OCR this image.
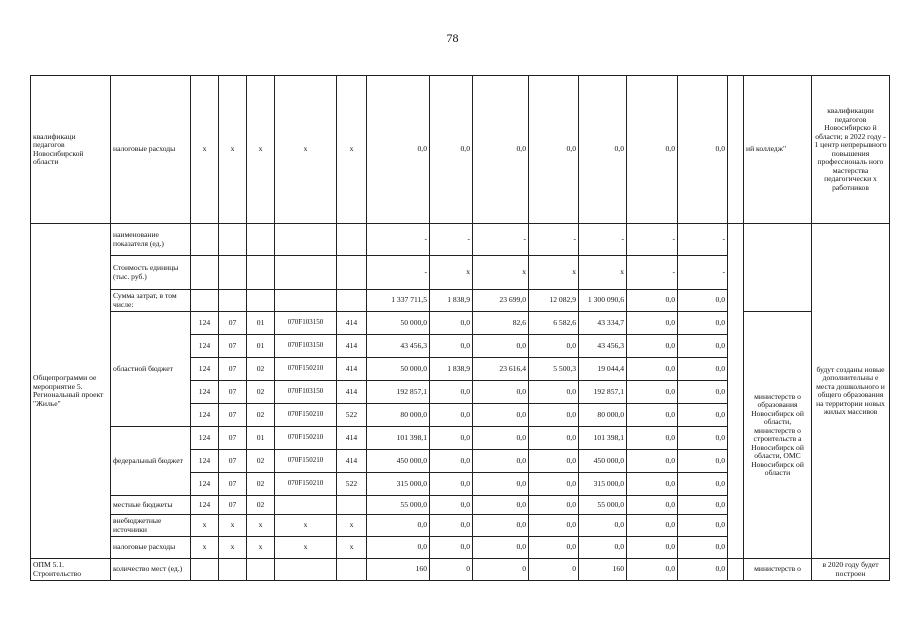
78
квалификаци педагогов Новосибирской области	налоговые расходы	х	х	х	х	х	0,0	0,0	0,0	0,0	0,0	0,0	0,0		ий колледж"	квалификации педагогов Новосибирско й области; в 2022 году - 1 центр непрерывного повышения профессиональ ного мастерства педагогически х работников
Общепрограмми ое мероприятие 5. Региональный проект "Жилье"	наименование показателя (ед.)						-	-	-	-	-	-	-			будут созданы новые дополнительны е места дошкольного и общего образования на территории новых жилых массивов
	Стоимость единицы (тыс. руб.)						-	х	х	х	х	-	-			
	Сумма затрат, в том числе:						1 337 711,5	1 838,9	23 699,0	12 082,9	1 300 090,6	0,0	0,0			
	областной бюджет	124	07	01	070F103150	414	50 000,0	0,0	82,6	6 582,6	43 334,7	0,0	0,0		министерств о образования Новосибирск ой области, министерств о строительств а Новосибирск ой области, ОМС Новосибирск ой области	
		124	07	01	070F103150	414	43 456,3	0,0	0,0	0,0	43 456,3	0,0	0,0			
		124	07	02	070F150210	414	50 000,0	1 838,9	23 616,4	5 500,3	19 044,4	0,0	0,0			
		124	07	02	070F103150	414	192 857,1	0,0	0,0	0,0	192 857,1	0,0	0,0			
		124	07	02	070F150210	522	80 000,0	0,0	0,0	0,0	80 000,0	0,0	0,0			
	федеральный бюджет	124	07	01	070F150210	414	101 398,1	0,0	0,0	0,0	101 398,1	0,0	0,0			
		124	07	02	070F150210	414	450 000,0	0,0	0,0	0,0	450 000,0	0,0	0,0			
		124	07	02	070F150210	522	315 000,0	0,0	0,0	0,0	315 000,0	0,0	0,0			
	местные бюджеты	124	07	02			55 000,0	0,0	0,0	0,0	55 000,0	0,0	0,0			
	внебюджетные источники	х	х	х	х	х	0,0	0,0	0,0	0,0	0,0	0,0	0,0			
	налоговые расходы	х	х	х	х	х	0,0	0,0	0,0	0,0	0,0	0,0	0,0			
ОПМ 5.1. Строительство	количество мест (ед.)						160	0	0	0	160	0,0	0,0		министерств о	в 2020 году будет построен
